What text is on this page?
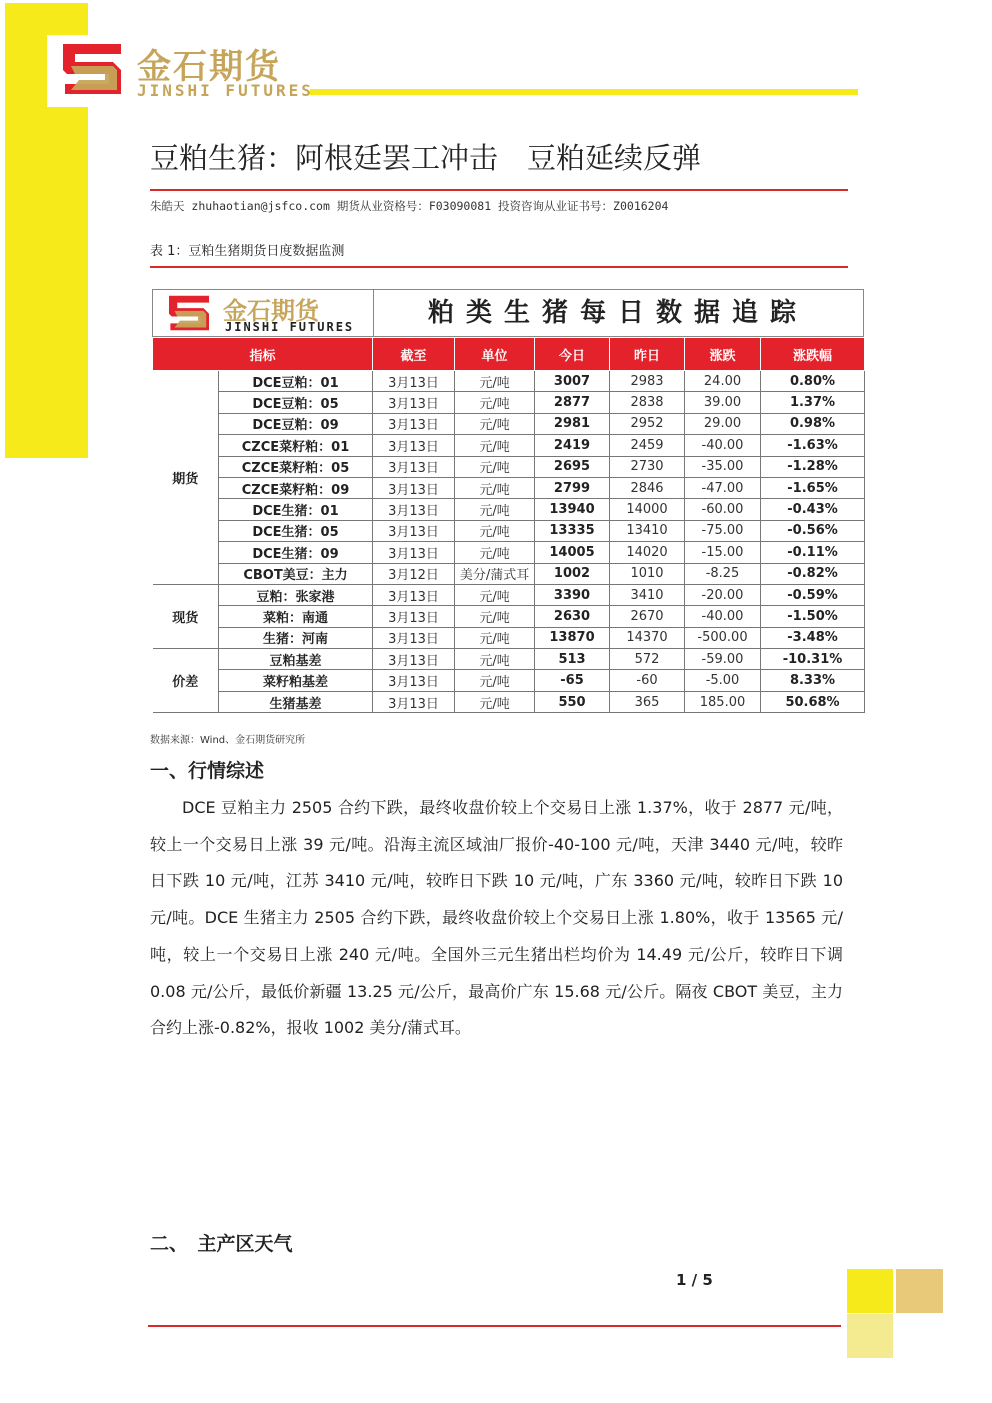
金石期货
JINSHI FUTURES
豆粕生猪：阿根廷罢工冲击　豆粕延续反弹
朱皓天 zhuhaotian@jsfco.com 期货从业资格号：F03090081 投资咨询从业证书号：Z0016204
表 1：豆粕生猪期货日度数据监测
金石期货
JINSHI FUTURES	粕类生猪每日数据追踪
指标		截至	单位	今日	昨日	涨跌	涨跌幅
期货	DCE豆粕：01	3月13日	元/吨	3007	2983	24.00	0.80%
	DCE豆粕：05	3月13日	元/吨	2877	2838	39.00	1.37%
	DCE豆粕：09	3月13日	元/吨	2981	2952	29.00	0.98%
	CZCE菜籽粕：01	3月13日	元/吨	2419	2459	-40.00	-1.63%
	CZCE菜籽粕：05	3月13日	元/吨	2695	2730	-35.00	-1.28%
	CZCE菜籽粕：09	3月13日	元/吨	2799	2846	-47.00	-1.65%
	DCE生猪：01	3月13日	元/吨	13940	14000	-60.00	-0.43%
	DCE生猪：05	3月13日	元/吨	13335	13410	-75.00	-0.56%
	DCE生猪：09	3月13日	元/吨	14005	14020	-15.00	-0.11%
	CBOT美豆：主力	3月12日	美分/蒲式耳	1002	1010	-8.25	-0.82%
现货	豆粕：张家港	3月13日	元/吨	3390	3410	-20.00	-0.59%
	菜粕：南通	3月13日	元/吨	2630	2670	-40.00	-1.50%
	生猪：河南	3月13日	元/吨	13870	14370	-500.00	-3.48%
价差	豆粕基差	3月13日	元/吨	513	572	-59.00	-10.31%
	菜籽粕基差	3月13日	元/吨	-65	-60	-5.00	8.33%
	生猪基差	3月13日	元/吨	550	365	185.00	50.68%
数据来源：Wind、金石期货研究所
一、行情综述
DCE 豆粕主力 2505 合约下跌，最终收盘价较上个交易日上涨 1.37%，收于 2877 元/吨，较上一个交易日上涨 39 元/吨。沿海主流区域油厂报价-40-100 元/吨，天津 3440 元/吨，较昨日下跌 10 元/吨，江苏 3410 元/吨，较昨日下跌 10 元/吨，广东 3360 元/吨，较昨日下跌 10 元/吨。DCE 生猪主力 2505 合约下跌，最终收盘价较上个交易日上涨 1.80%，收于 13565 元/吨，较上一个交易日上涨 240 元/吨。全国外三元生猪出栏均价为 14.49 元/公斤，较昨日下调 0.08 元/公斤，最低价新疆 13.25 元/公斤，最高价广东 15.68 元/公斤。隔夜 CBOT 美豆，主力合约上涨-0.82%，报收 1002 美分/蒲式耳。
二、　主产区天气
1 / 5
